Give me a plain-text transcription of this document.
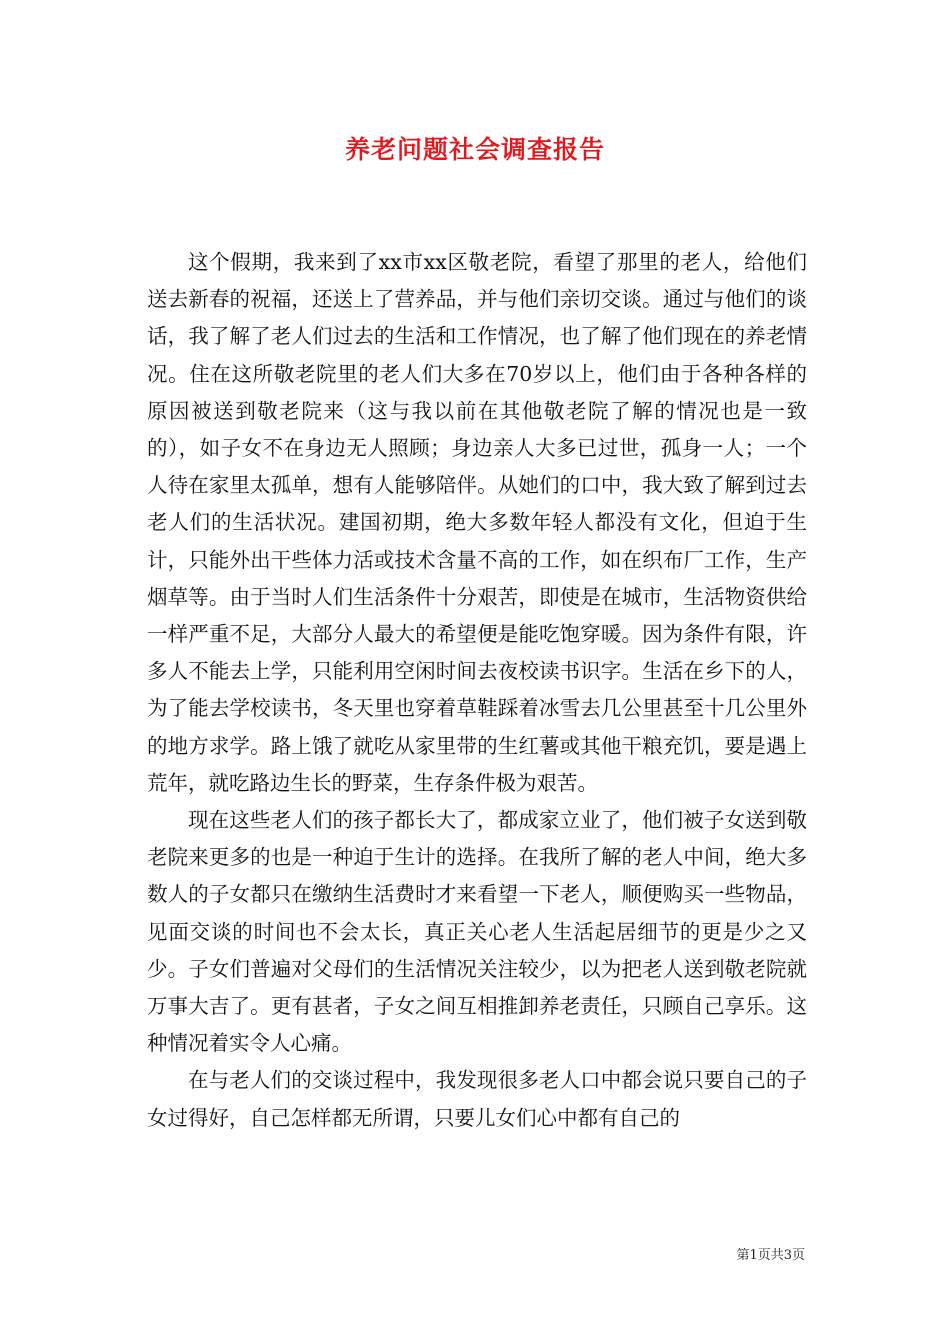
养老问题社会调查报告

这个假期，我来到了xx市xx区敬老院，看望了那里的老人，给他们送去新春的祝福，还送上了营养品，并与他们亲切交谈。通过与他们的谈话，我了解了老人们过去的生活和工作情况，也了解了他们现在的养老情况。住在这所敬老院里的老人们大多在70岁以上，他们由于各种各样的原因被送到敬老院来（这与我以前在其他敬老院了解的情况也是一致的），如子女不在身边无人照顾；身边亲人大多已过世，孤身一人；一个人待在家里太孤单，想有人能够陪伴。从她们的口中，我大致了解到过去老人们的生活状况。建国初期，绝大多数年轻人都没有文化，但迫于生计，只能外出干些体力活或技术含量不高的工作，如在织布厂工作，生产烟草等。由于当时人们生活条件十分艰苦，即使是在城市，生活物资供给一样严重不足，大部分人最大的希望便是能吃饱穿暖。因为条件有限，许多人不能去上学，只能利用空闲时间去夜校读书识字。生活在乡下的人，为了能去学校读书，冬天里也穿着草鞋踩着冰雪去几公里甚至十几公里外的地方求学。路上饿了就吃从家里带的生红薯或其他干粮充饥，要是遇上荒年，就吃路边生长的野菜，生存条件极为艰苦。

现在这些老人们的孩子都长大了，都成家立业了，他们被子女送到敬老院来更多的也是一种迫于生计的选择。在我所了解的老人中间，绝大多数人的子女都只在缴纳生活费时才来看望一下老人，顺便购买一些物品，见面交谈的时间也不会太长，真正关心老人生活起居细节的更是少之又少。子女们普遍对父母们的生活情况关注较少，以为把老人送到敬老院就万事大吉了。更有甚者，子女之间互相推卸养老责任，只顾自己享乐。这种情况着实令人心痛。

在与老人们的交谈过程中，我发现很多老人口中都会说只要自己的子女过得好，自己怎样都无所谓，只要儿女们心中都有自己的

第1页共3页
